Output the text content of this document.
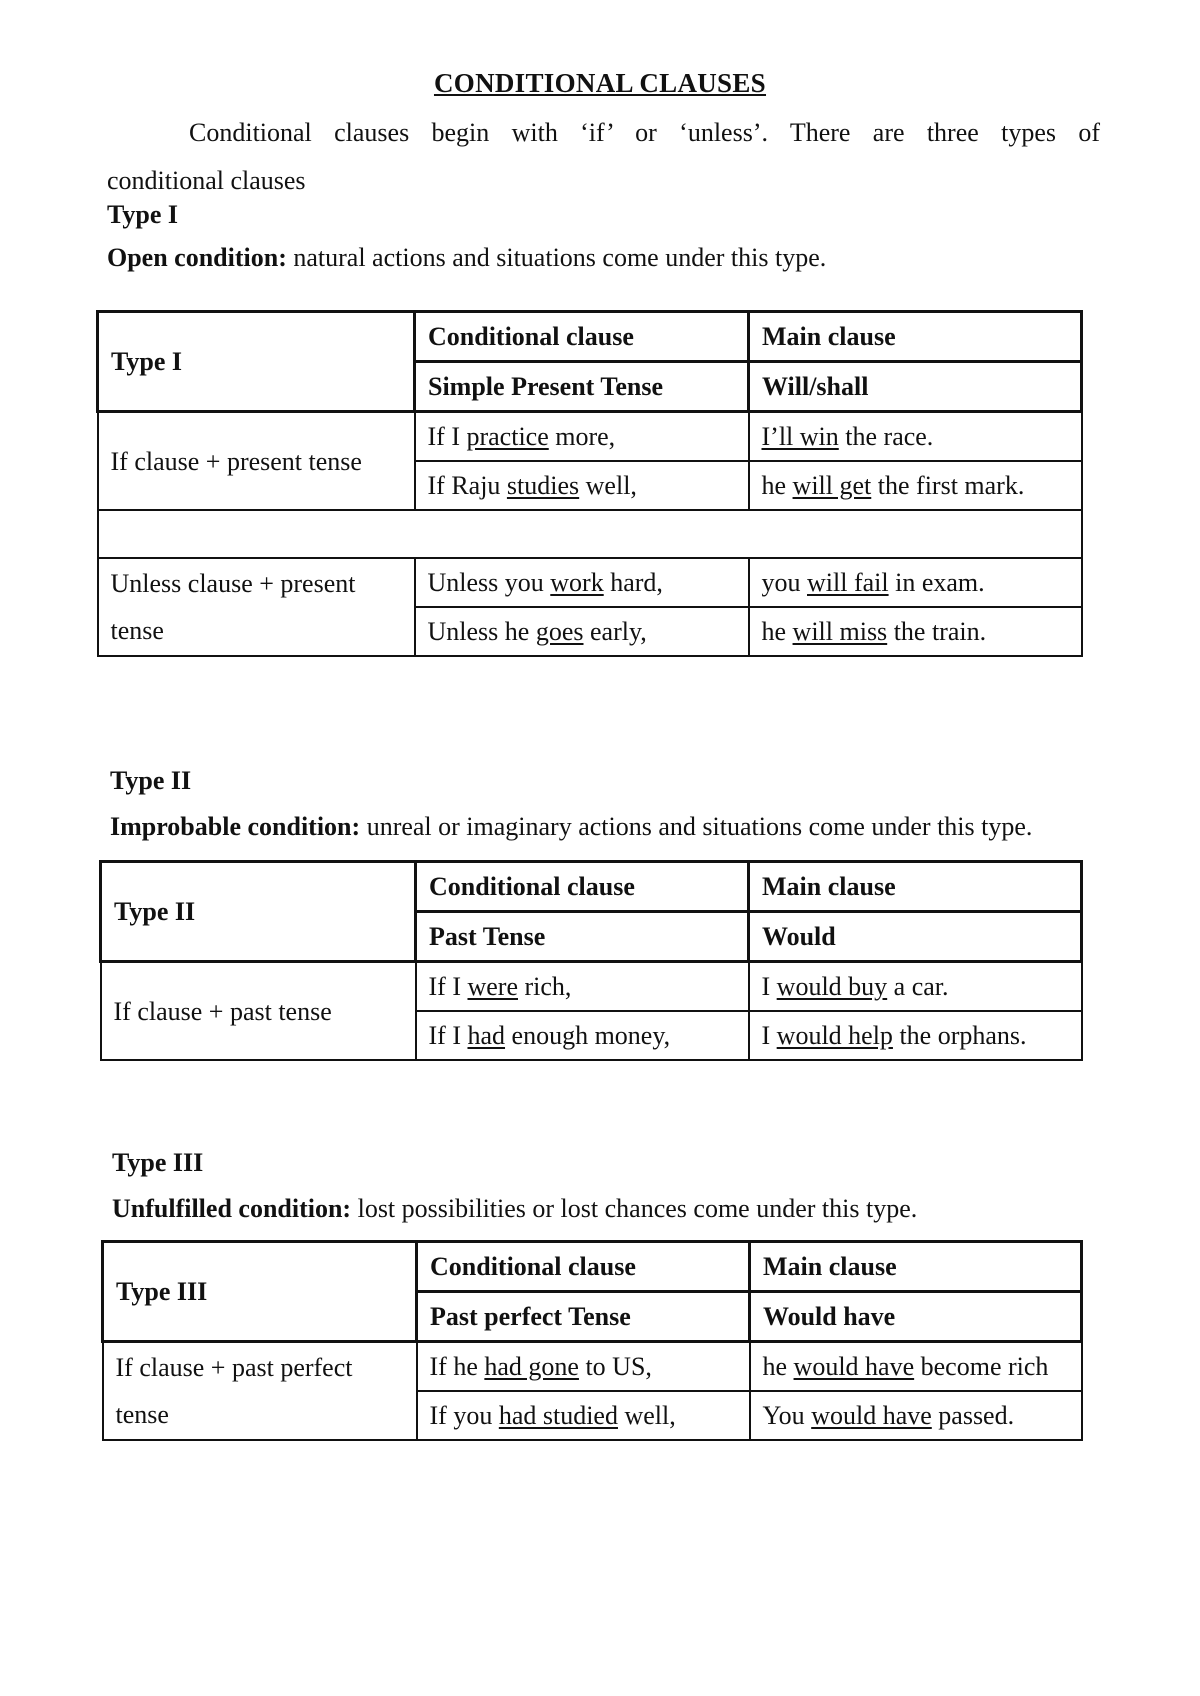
CONDITIONAL CLAUSES
Conditional clauses begin with ‘if’ or ‘unless’. There are three types of
conditional clauses
Type I
Open condition: natural actions and situations come under this type.
Type I	Conditional clause	Main clause
	Simple Present Tense	Will/shall
If clause + present tense	If I practice more,	I’ll win the race.
	If Raju studies well,	he will get the first mark.

Unless clause + present tense	Unless you work hard,	you will fail in exam.
	Unless he goes early,	he will miss the train.
Type II
Improbable condition: unreal or imaginary actions and situations come under this type.
Type II	Conditional clause	Main clause
	Past Tense	Would
If clause + past tense	If I were rich,	I would buy a car.
	If I had enough money,	I would help the orphans.
Type III
Unfulfilled condition: lost possibilities or lost chances come under this type.
Type III	Conditional clause	Main clause
	Past perfect Tense	Would have
If clause + past perfect tense	If he had gone to US,	he would have become rich
	If you had studied well,	You would have passed.
